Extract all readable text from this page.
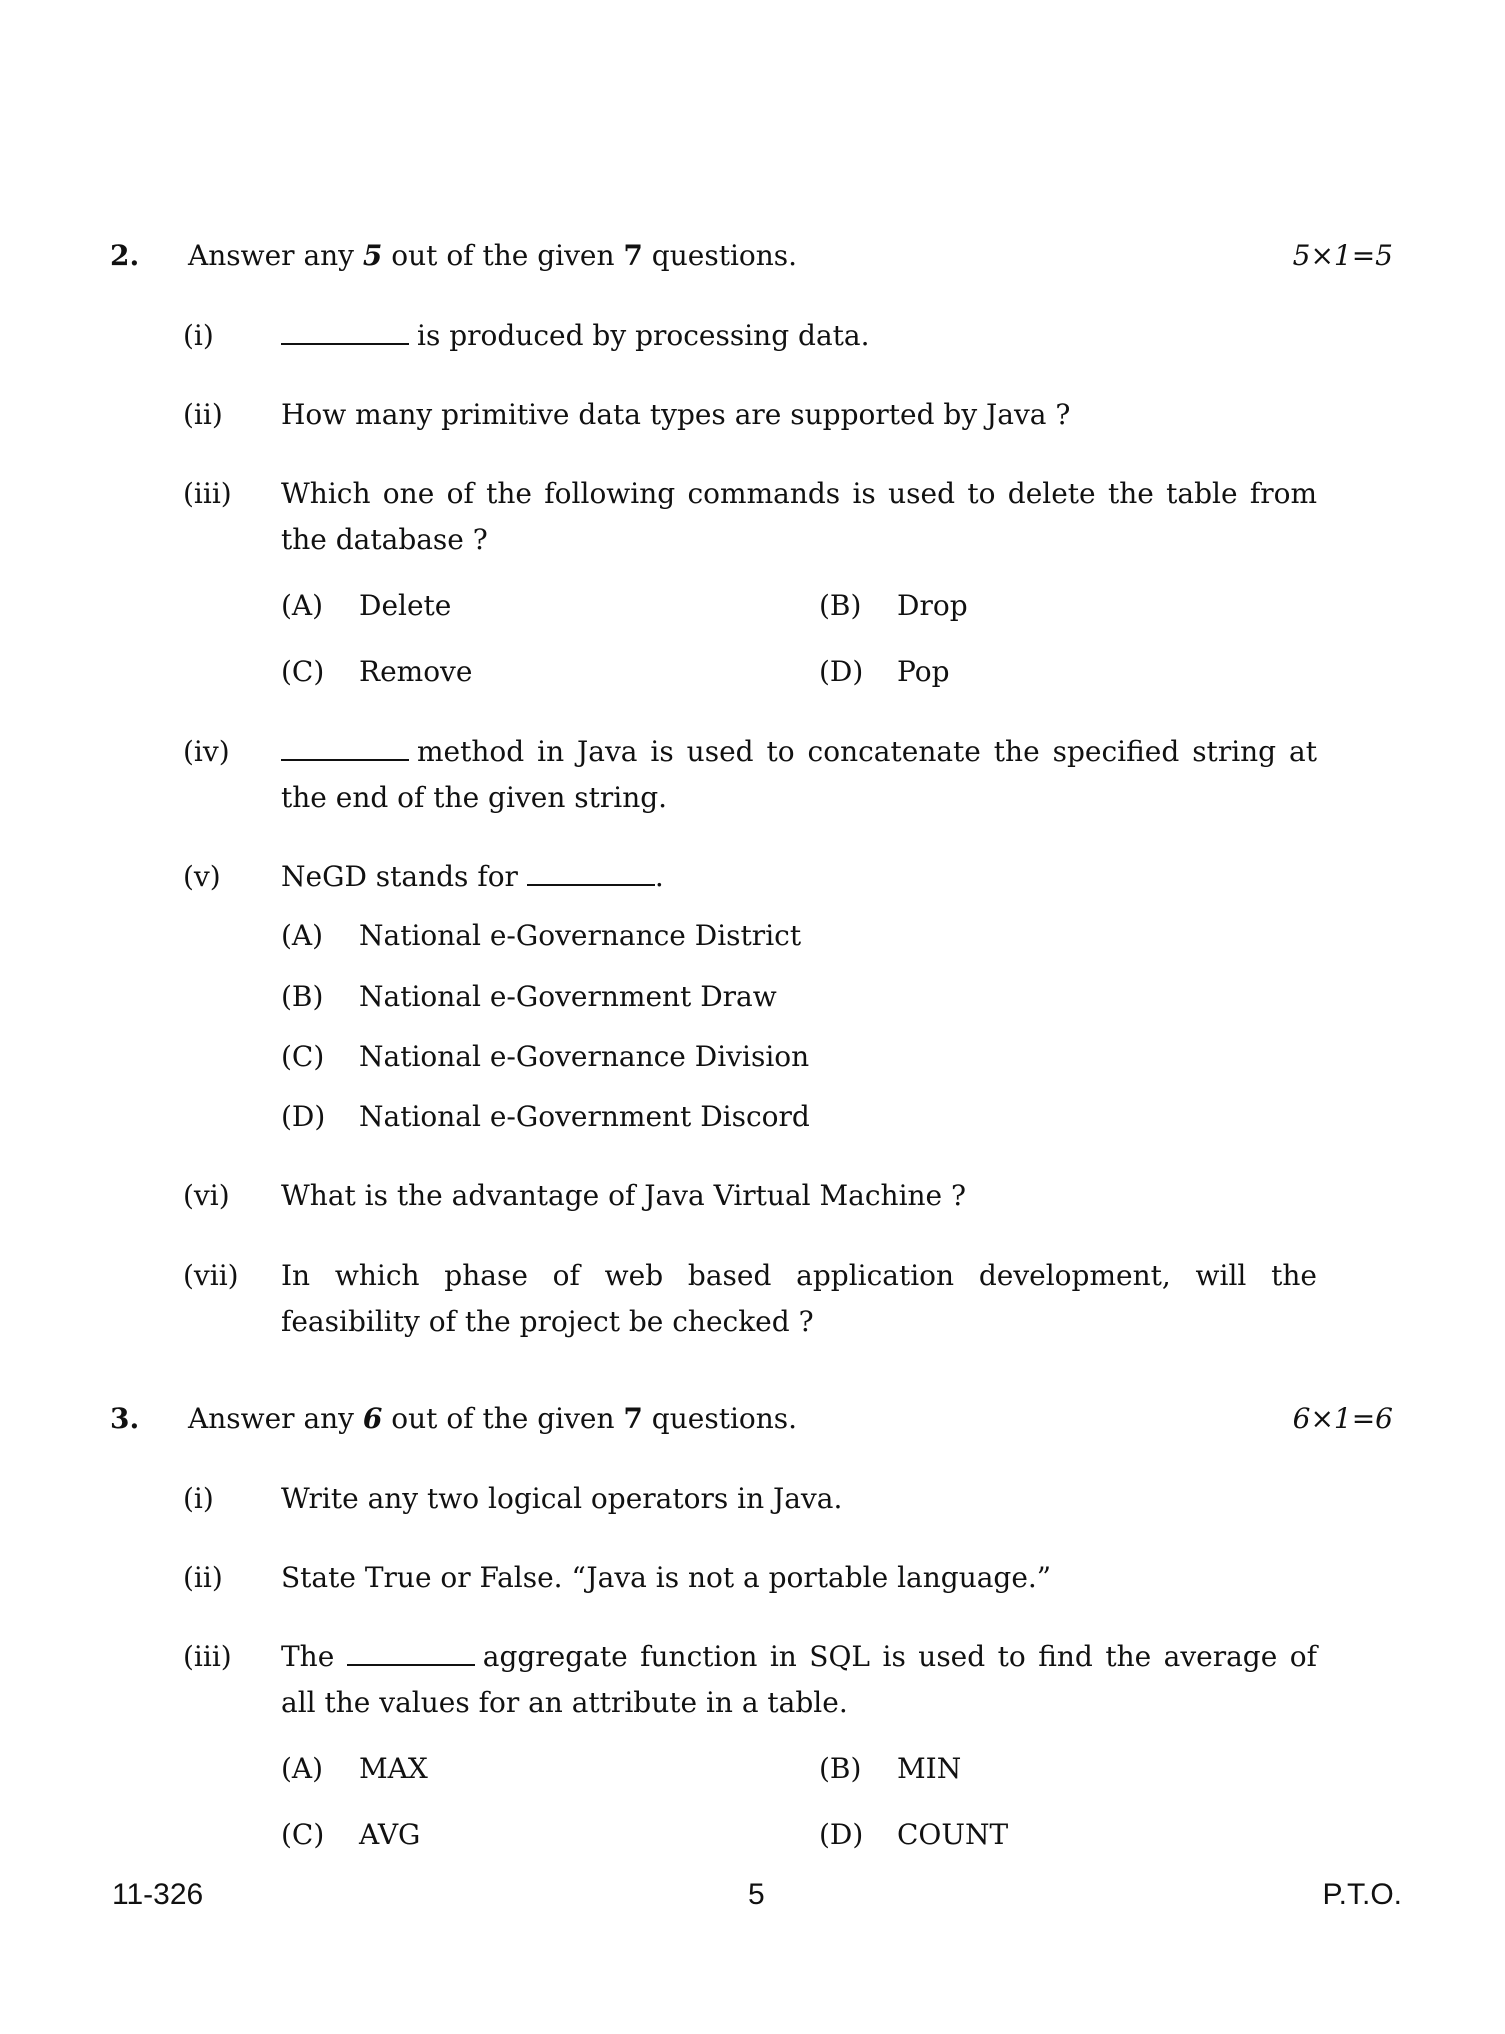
2. Answer any 5 out of the given 7 questions.	5×1=5
(i)	is produced by processing data.
(ii) How many primitive data types are supported by Java ?
(iii) Which one of the following commands is used to delete the table from the database ?
(A) Delete	(B) Drop
(C) Remove	(D) Pop
(iv)	method in Java is used to concatenate the specified string at the end of the given string.
(v) NeGD stands for	.
(A) National e-Governance District
(B) National e-Government Draw
(C) National e-Governance Division
(D) National e-Government Discord
(vi) What is the advantage of Java Virtual Machine ?
(vii) In which phase of web based application development, will the feasibility of the project be checked ?
3. Answer any 6 out of the given 7 questions.	6×1=6
(i) Write any two logical operators in Java.
(ii) State True or False. “Java is not a portable language.”
(iii) The	aggregate function in SQL is used to find the average of all the values for an attribute in a table.
(A) MAX	(B) MIN
(C) AVG	(D) COUNT
11-326	5	P.T.O.
